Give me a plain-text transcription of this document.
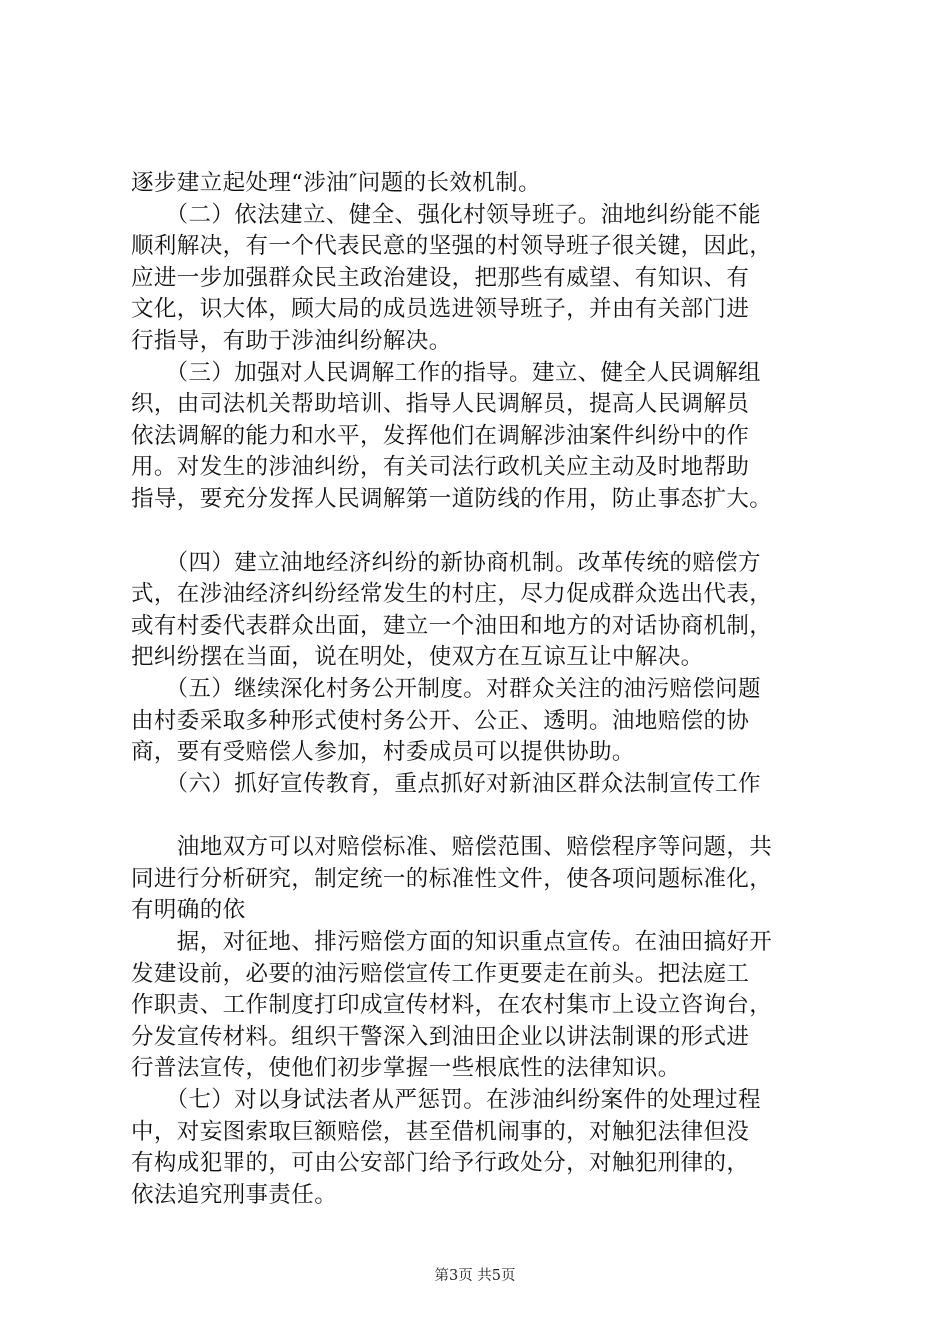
逐步建立起处理“涉油″问题的长效机制。
　　（二）依法建立、健全、强化村领导班子。油地纠纷能不能
顺利解决，有一个代表民意的坚强的村领导班子很关键，因此，
应进一步加强群众民主政治建设，把那些有威望、有知识、有
文化，识大体，顾大局的成员选进领导班子，并由有关部门进
行指导，有助于涉油纠纷解决。
　　（三）加强对人民调解工作的指导。建立、健全人民调解组
织，由司法机关帮助培训、指导人民调解员，提高人民调解员
依法调解的能力和水平，发挥他们在调解涉油案件纠纷中的作
用。对发生的涉油纠纷，有关司法行政机关应主动及时地帮助
指导，要充分发挥人民调解第一道防线的作用，防止事态扩大。
　　（四）建立油地经济纠纷的新协商机制。改革传统的赔偿方
式，在涉油经济纠纷经常发生的村庄，尽力促成群众选出代表，
或有村委代表群众出面，建立一个油田和地方的对话协商机制，
把纠纷摆在当面，说在明处，使双方在互谅互让中解决。
　　（五）继续深化村务公开制度。对群众关注的油污赔偿问题
由村委采取多种形式使村务公开、公正、透明。油地赔偿的协
商，要有受赔偿人参加，村委成员可以提供协助。
　　（六）抓好宣传教育，重点抓好对新油区群众法制宣传工作
　　油地双方可以对赔偿标准、赔偿范围、赔偿程序等问题，共
同进行分析研究，制定统一的标准性文件，使各项问题标准化，
有明确的依
　　据，对征地、排污赔偿方面的知识重点宣传。在油田搞好开
发建设前，必要的油污赔偿宣传工作更要走在前头。把法庭工
作职责、工作制度打印成宣传材料，在农村集市上设立咨询台，
分发宣传材料。组织干警深入到油田企业以讲法制课的形式进
行普法宣传，使他们初步掌握一些根底性的法律知识。
　　（七）对以身试法者从严惩罚。在涉油纠纷案件的处理过程
中，对妄图索取巨额赔偿，甚至借机闹事的，对触犯法律但没
有构成犯罪的，可由公安部门给予行政处分，对触犯刑律的，
依法追究刑事责任。
第3页 共5页
